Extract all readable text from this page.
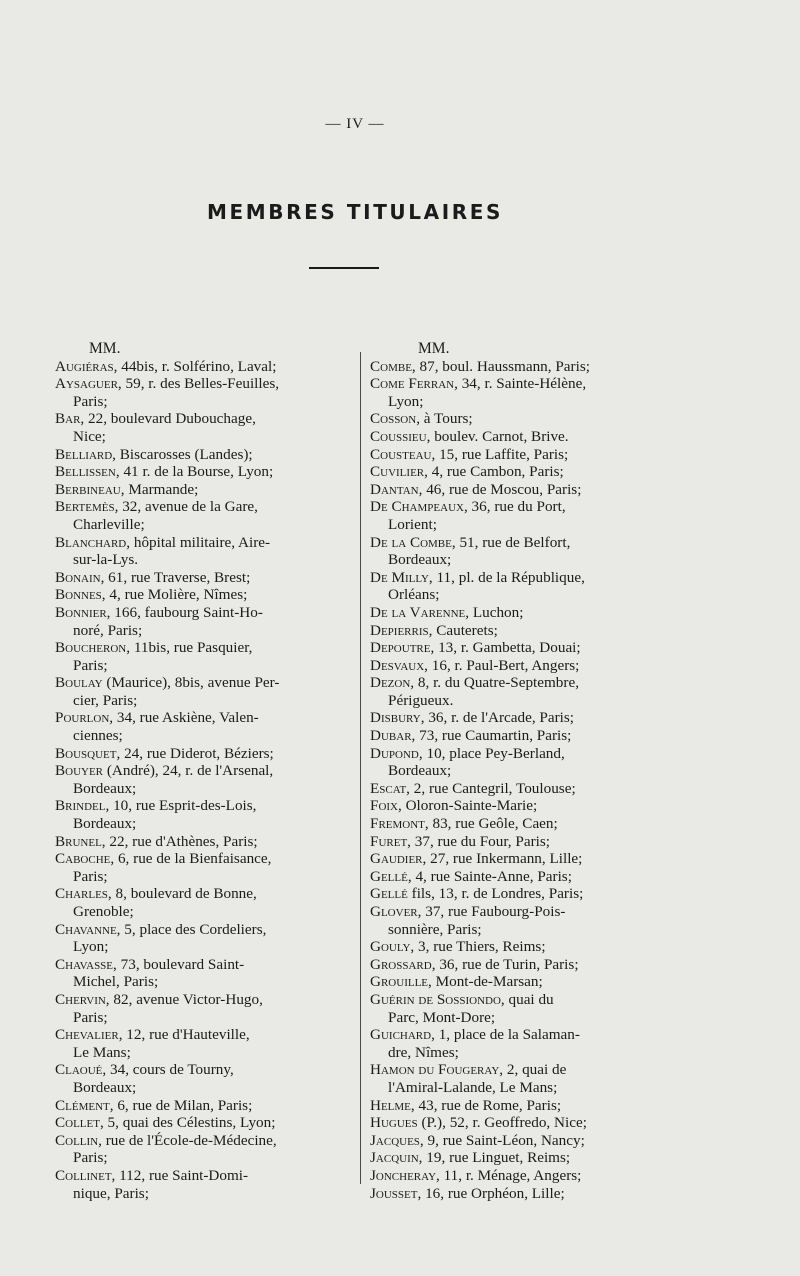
— IV —
MEMBRES TITULAIRES
MM.
Augiéras, 44bis, r. Solférino, Laval;
Aysaguer, 59, r. des Belles-Feuilles,
Paris;
Bar, 22, boulevard Dubouchage,
Nice;
Belliard, Biscarosses (Landes);
Bellissen, 41 r. de la Bourse, Lyon;
Berbineau, Marmande;
Bertemès, 32, avenue de la Gare,
Charleville;
Blanchard, hôpital militaire, Aire-
sur-la-Lys.
Bonain, 61, rue Traverse, Brest;
Bonnes, 4, rue Molière, Nîmes;
Bonnier, 166, faubourg Saint-Ho-
noré, Paris;
Boucheron, 11bis, rue Pasquier,
Paris;
Boulay (Maurice), 8bis, avenue Per-
cier, Paris;
Pourlon, 34, rue Askiène, Valen-
ciennes;
Bousquet, 24, rue Diderot, Béziers;
Bouyer (André), 24, r. de l'Arsenal,
Bordeaux;
Brindel, 10, rue Esprit-des-Lois,
Bordeaux;
Brunel, 22, rue d'Athènes, Paris;
Caboche, 6, rue de la Bienfaisance,
Paris;
Charles, 8, boulevard de Bonne,
Grenoble;
Chavanne, 5, place des Cordeliers,
Lyon;
Chavasse, 73, boulevard Saint-
Michel, Paris;
Chervin, 82, avenue Victor-Hugo,
Paris;
Chevalier, 12, rue d'Hauteville,
Le Mans;
Claoué, 34, cours de Tourny,
Bordeaux;
Clément, 6, rue de Milan, Paris;
Collet, 5, quai des Célestins, Lyon;
Collin, rue de l'École-de-Médecine,
Paris;
Collinet, 112, rue Saint-Domi-
nique, Paris;
MM.
Combe, 87, boul. Haussmann, Paris;
Come Ferran, 34, r. Sainte-Hélène,
Lyon;
Cosson, à Tours;
Coussieu, boulev. Carnot, Brive.
Cousteau, 15, rue Laffite, Paris;
Cuvilier, 4, rue Cambon, Paris;
Dantan, 46, rue de Moscou, Paris;
De Champeaux, 36, rue du Port,
Lorient;
De la Combe, 51, rue de Belfort,
Bordeaux;
De Milly, 11, pl. de la République,
Orléans;
De la Varenne, Luchon;
Depierris, Cauterets;
Depoutre, 13, r. Gambetta, Douai;
Desvaux, 16, r. Paul-Bert, Angers;
Dezon, 8, r. du Quatre-Septembre,
Périgueux.
Disbury, 36, r. de l'Arcade, Paris;
Dubar, 73, rue Caumartin, Paris;
Dupond, 10, place Pey-Berland,
Bordeaux;
Escat, 2, rue Cantegril, Toulouse;
Foix, Oloron-Sainte-Marie;
Fremont, 83, rue Geôle, Caen;
Furet, 37, rue du Four, Paris;
Gaudier, 27, rue Inkermann, Lille;
Gellé, 4, rue Sainte-Anne, Paris;
Gellé fils, 13, r. de Londres, Paris;
Glover, 37, rue Faubourg-Pois-
sonnière, Paris;
Gouly, 3, rue Thiers, Reims;
Grossard, 36, rue de Turin, Paris;
Grouille, Mont-de-Marsan;
Guérin de Sossiondo, quai du
Parc, Mont-Dore;
Guichard, 1, place de la Salaman-
dre, Nîmes;
Hamon du Fougeray, 2, quai de
l'Amiral-Lalande, Le Mans;
Helme, 43, rue de Rome, Paris;
Hugues (P.), 52, r. Geoffredo, Nice;
Jacques, 9, rue Saint-Léon, Nancy;
Jacquin, 19, rue Linguet, Reims;
Joncheray, 11, r. Ménage, Angers;
Jousset, 16, rue Orphéon, Lille;
